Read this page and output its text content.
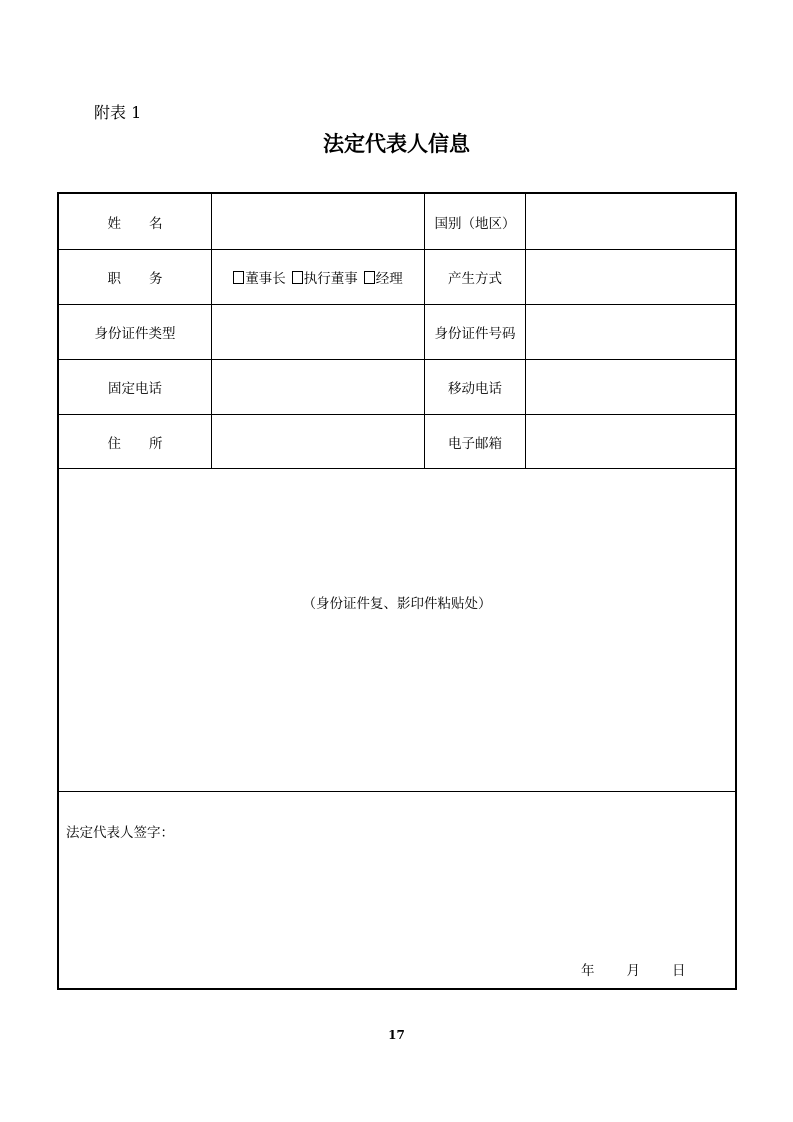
附表 1
法定代表人信息
姓 名	国别（地区）
职 务	董事长	执行董事	经理	产生方式
身份证件类型	身份证件号码
固定电话	移动电话
住 所	电子邮箱
（身份证件复、影印件粘贴处）
法定代表人签字：
年 月 日
17
